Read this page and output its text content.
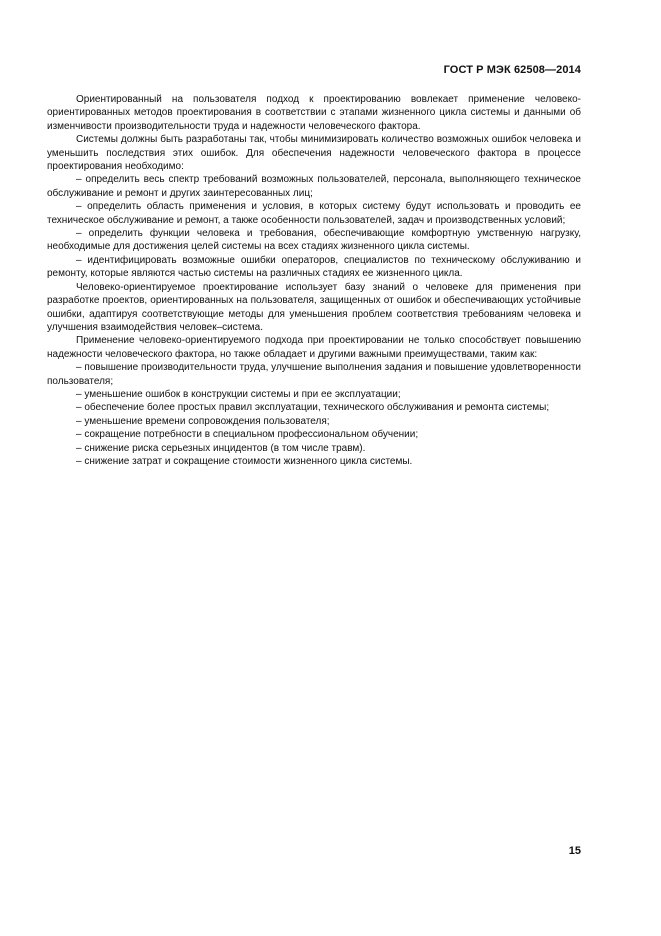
ГОСТ Р МЭК 62508—2014

Ориентированный на пользователя подход к проектированию вовлекает применение человеко-ориентированных методов проектирования в соответствии с этапами жизненного цикла системы и данными об изменчивости производительности труда и надежности человеческого фактора.

Системы должны быть разработаны так, чтобы минимизировать количество возможных ошибок человека и уменьшить последствия этих ошибок. Для обеспечения надежности человеческого фактора в процессе проектирования необходимо:

– определить весь спектр требований возможных пользователей, персонала, выполняющего техническое обслуживание и ремонт и других заинтересованных лиц;

– определить область применения и условия, в которых систему будут использовать и проводить ее техническое обслуживание и ремонт, а также особенности пользователей, задач и производственных условий;

– определить функции человека и требования, обеспечивающие комфортную умственную нагрузку, необходимые для достижения целей системы на всех стадиях жизненного цикла системы.

– идентифицировать возможные ошибки операторов, специалистов по техническому обслуживанию и ремонту, которые являются частью системы на различных стадиях ее жизненного цикла.

Человеко-ориентируемое проектирование использует базу знаний о человеке для применения при разработке проектов, ориентированных на пользователя, защищенных от ошибок и обеспечивающих устойчивые ошибки, адаптируя соответствующие методы для уменьшения проблем соответствия требованиям человека и улучшения взаимодействия человек–система.

Применение человеко-ориентируемого подхода при проектировании не только способствует повышению надежности человеческого фактора, но также обладает и другими важными преимуществами, таким как:

– повышение производительности труда, улучшение выполнения задания и повышение удовлетворенности пользователя;

– уменьшение ошибок в конструкции системы и при ее эксплуатации;

– обеспечение более простых правил эксплуатации, технического обслуживания и ремонта системы;

– уменьшение времени сопровождения пользователя;

– сокращение потребности в специальном профессиональном обучении;

– снижение риска серьезных инцидентов (в том числе травм).

– снижение затрат и сокращение стоимости жизненного цикла системы.

15
